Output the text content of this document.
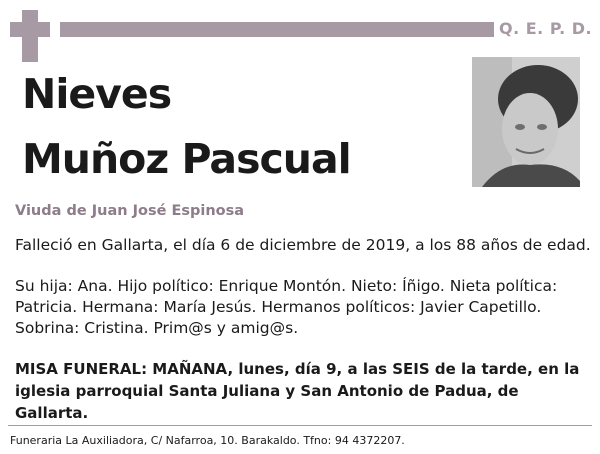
Q. E. P. D.
Nieves
Muñoz Pascual
Viuda de Juan José Espinosa
Falleció en Gallarta, el día 6 de diciembre de 2019, a los 88 años de edad.
Su hija: Ana. Hijo político: Enrique Montón. Nieto: Íñigo. Nieta política: Patricia. Hermana: María Jesús. Hermanos políticos: Javier Capetillo. Sobrina: Cristina. Prim@s y amig@s.
MISA FUNERAL: MAÑANA, lunes, día 9, a las SEIS de la tarde, en la iglesia parroquial Santa Juliana y San Antonio de Padua, de Gallarta.
Funeraria La Auxiliadora, C/ Nafarroa, 10. Barakaldo. Tfno: 94 4372207.
